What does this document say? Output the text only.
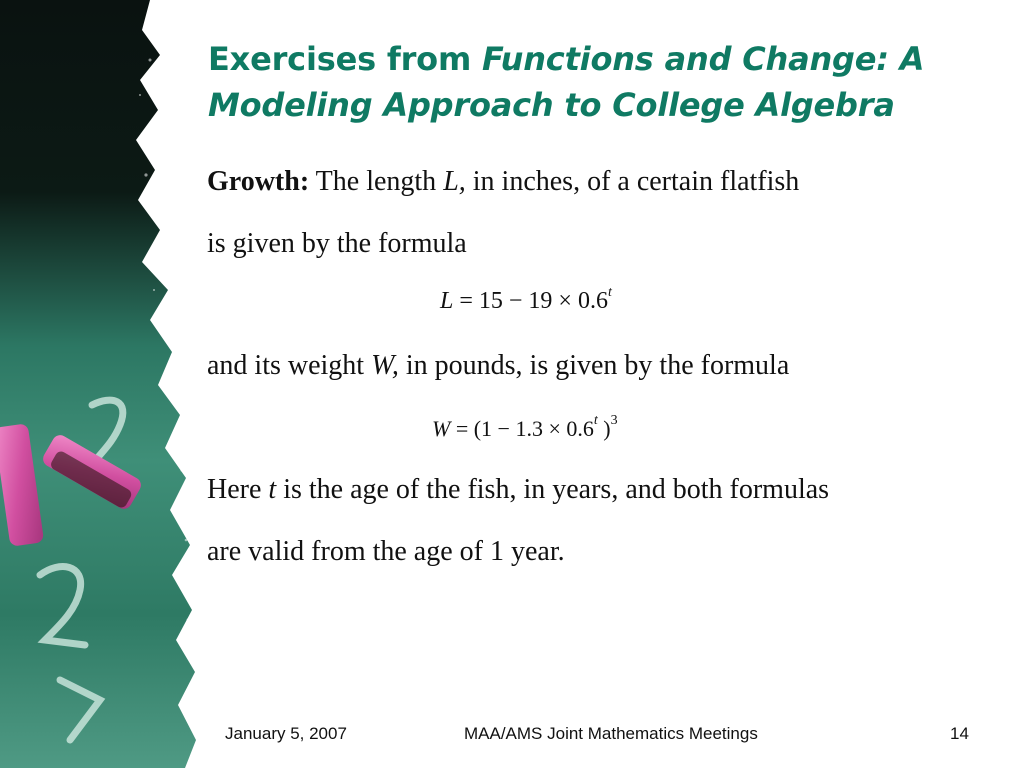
Exercises from Functions and Change: A
Modeling Approach to College Algebra
Growth: The length L, in inches, of a certain flatfish
is given by the formula
$L = 15 - 19 \times 0.6^t$
and its weight W, in pounds, is given by the formula
$W = (1 - 1.3 \times 0.6^t$ )$^3$
Here t is the age of the fish, in years, and both formulas
are valid from the age of 1 year.
January 5, 2007	MAA/AMS Joint Mathematics Meetings	14
